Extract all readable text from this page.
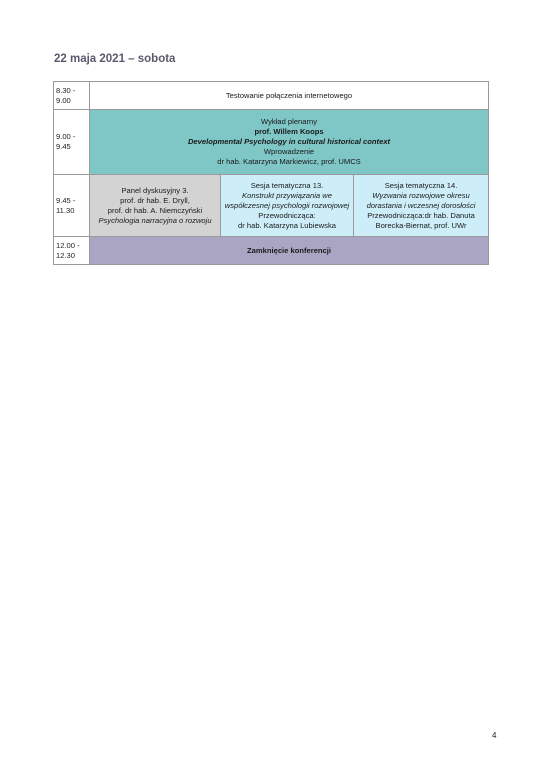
22 maja 2021 – sobota
8.30 - 9.00	Testowanie połączenia internetowego		
9.00 - 9.45	Wykład plenarny
prof. Willem Koops
Developmental Psychology in cultural historical context
Wprowadzenie
dr hab. Katarzyna Markiewicz, prof. UMCS		

9.45 - 11.30	Panel dyskusyjny 3.
prof. dr hab. E. Dryll,
prof. dr hab. A. Niemczyński
Psychologia narracyjna o rozwoju	Sesja tematyczna 13.
Konstrukt przywiązania we współczesnej psychologii rozwojowej
Przewodnicząca:
dr hab. Katarzyna Lubiewska	Sesja tematyczna 14.
Wyzwania rozwojowe okresu dorastania i wczesnej dorosłości
Przewodnicząca:dr hab. Danuta Borecka-Biernat, prof. UWr

12.00 - 12.30	Zamknięcie konferencji		
4
